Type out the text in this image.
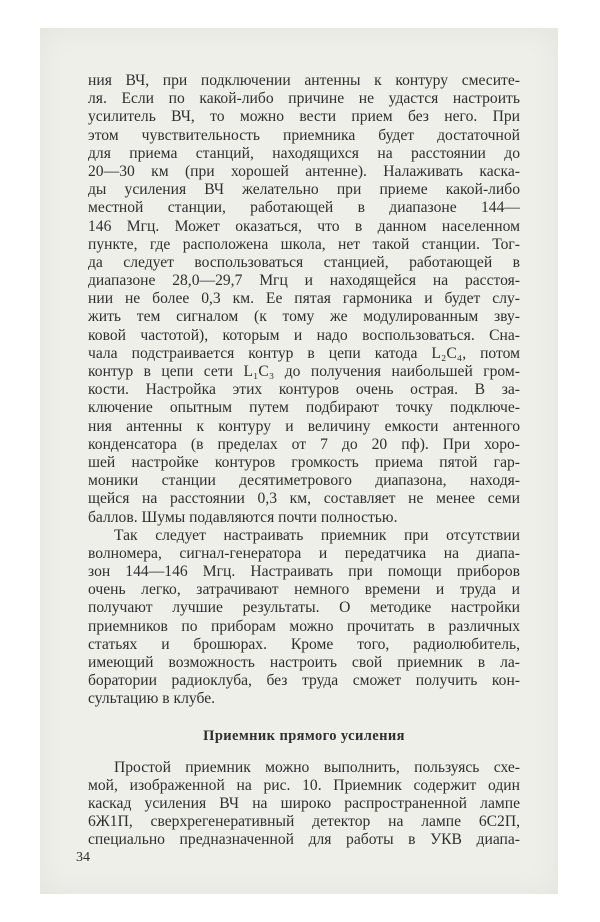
ния ВЧ, при подключении антенны к контуру смесите-
ля. Если по какой-либо причине не удастся настроить
усилитель ВЧ, то можно вести прием без него. При
этом чувствительность приемника будет достаточной
для приема станций, находящихся на расстоянии до
20—30 км (при хорошей антенне). Налаживать каска-
ды усиления ВЧ желательно при приеме какой-либо
местной станции, работающей в диапазоне 144—
146 Мгц. Может оказаться, что в данном населенном
пункте, где расположена школа, нет такой станции. Тог-
да следует воспользоваться станцией, работающей в
диапазоне 28,0—29,7 Мгц и находящейся на расстоя-
нии не более 0,3 км. Ее пятая гармоника и будет слу-
жить тем сигналом (к тому же модулированным зву-
ковой частотой), которым и надо воспользоваться. Сна-
чала подстраивается контур в цепи катода L₂C₄, потом
контур в цепи сети L₁C₃ до получения наибольшей гром-
кости. Настройка этих контуров очень острая. В за-
ключение опытным путем подбирают точку подключе-
ния антенны к контуру и величину емкости антенного
конденсатора (в пределах от 7 до 20 пф). При хоро-
шей настройке контуров громкость приема пятой гар-
моники станции десятиметрового диапазона, находя-
щейся на расстоянии 0,3 км, составляет не менее семи
баллов. Шумы подавляются почти полностью.
Так следует настраивать приемник при отсутствии
волномера, сигнал-генератора и передатчика на диапа-
зон 144—146 Мгц. Настраивать при помощи приборов
очень легко, затрачивают немного времени и труда и
получают лучшие результаты. О методике настройки
приемников по приборам можно прочитать в различных
статьях и брошюрах. Кроме того, радиолюбитель,
имеющий возможность настроить свой приемник в ла-
боратории радиоклуба, без труда сможет получить кон-
сультацию в клубе.
Приемник прямого усиления
Простой приемник можно выполнить, пользуясь схе-
мой, изображенной на рис. 10. Приемник содержит один
каскад усиления ВЧ на широко распространенной лампе
6Ж1П, сверхрегенеративный детектор на лампе 6С2П,
специально предназначенной для работы в УКВ диапа-
34
